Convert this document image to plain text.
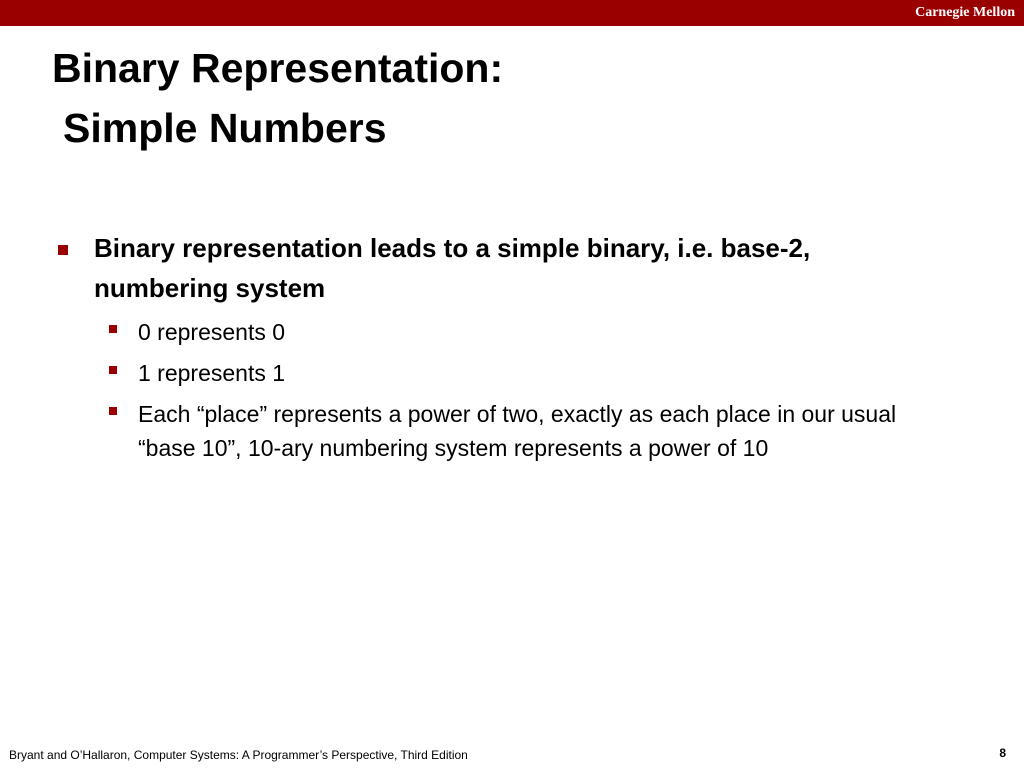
Carnegie Mellon
Binary Representation:
Simple Numbers
Binary representation leads to a simple binary, i.e. base-2, numbering system
0 represents 0
1 represents 1
Each “place” represents a power of two, exactly as each place in our usual “base 10”, 10-ary numbering system represents a power of 10
Bryant and O’Hallaron, Computer Systems: A Programmer’s Perspective, Third Edition	8
